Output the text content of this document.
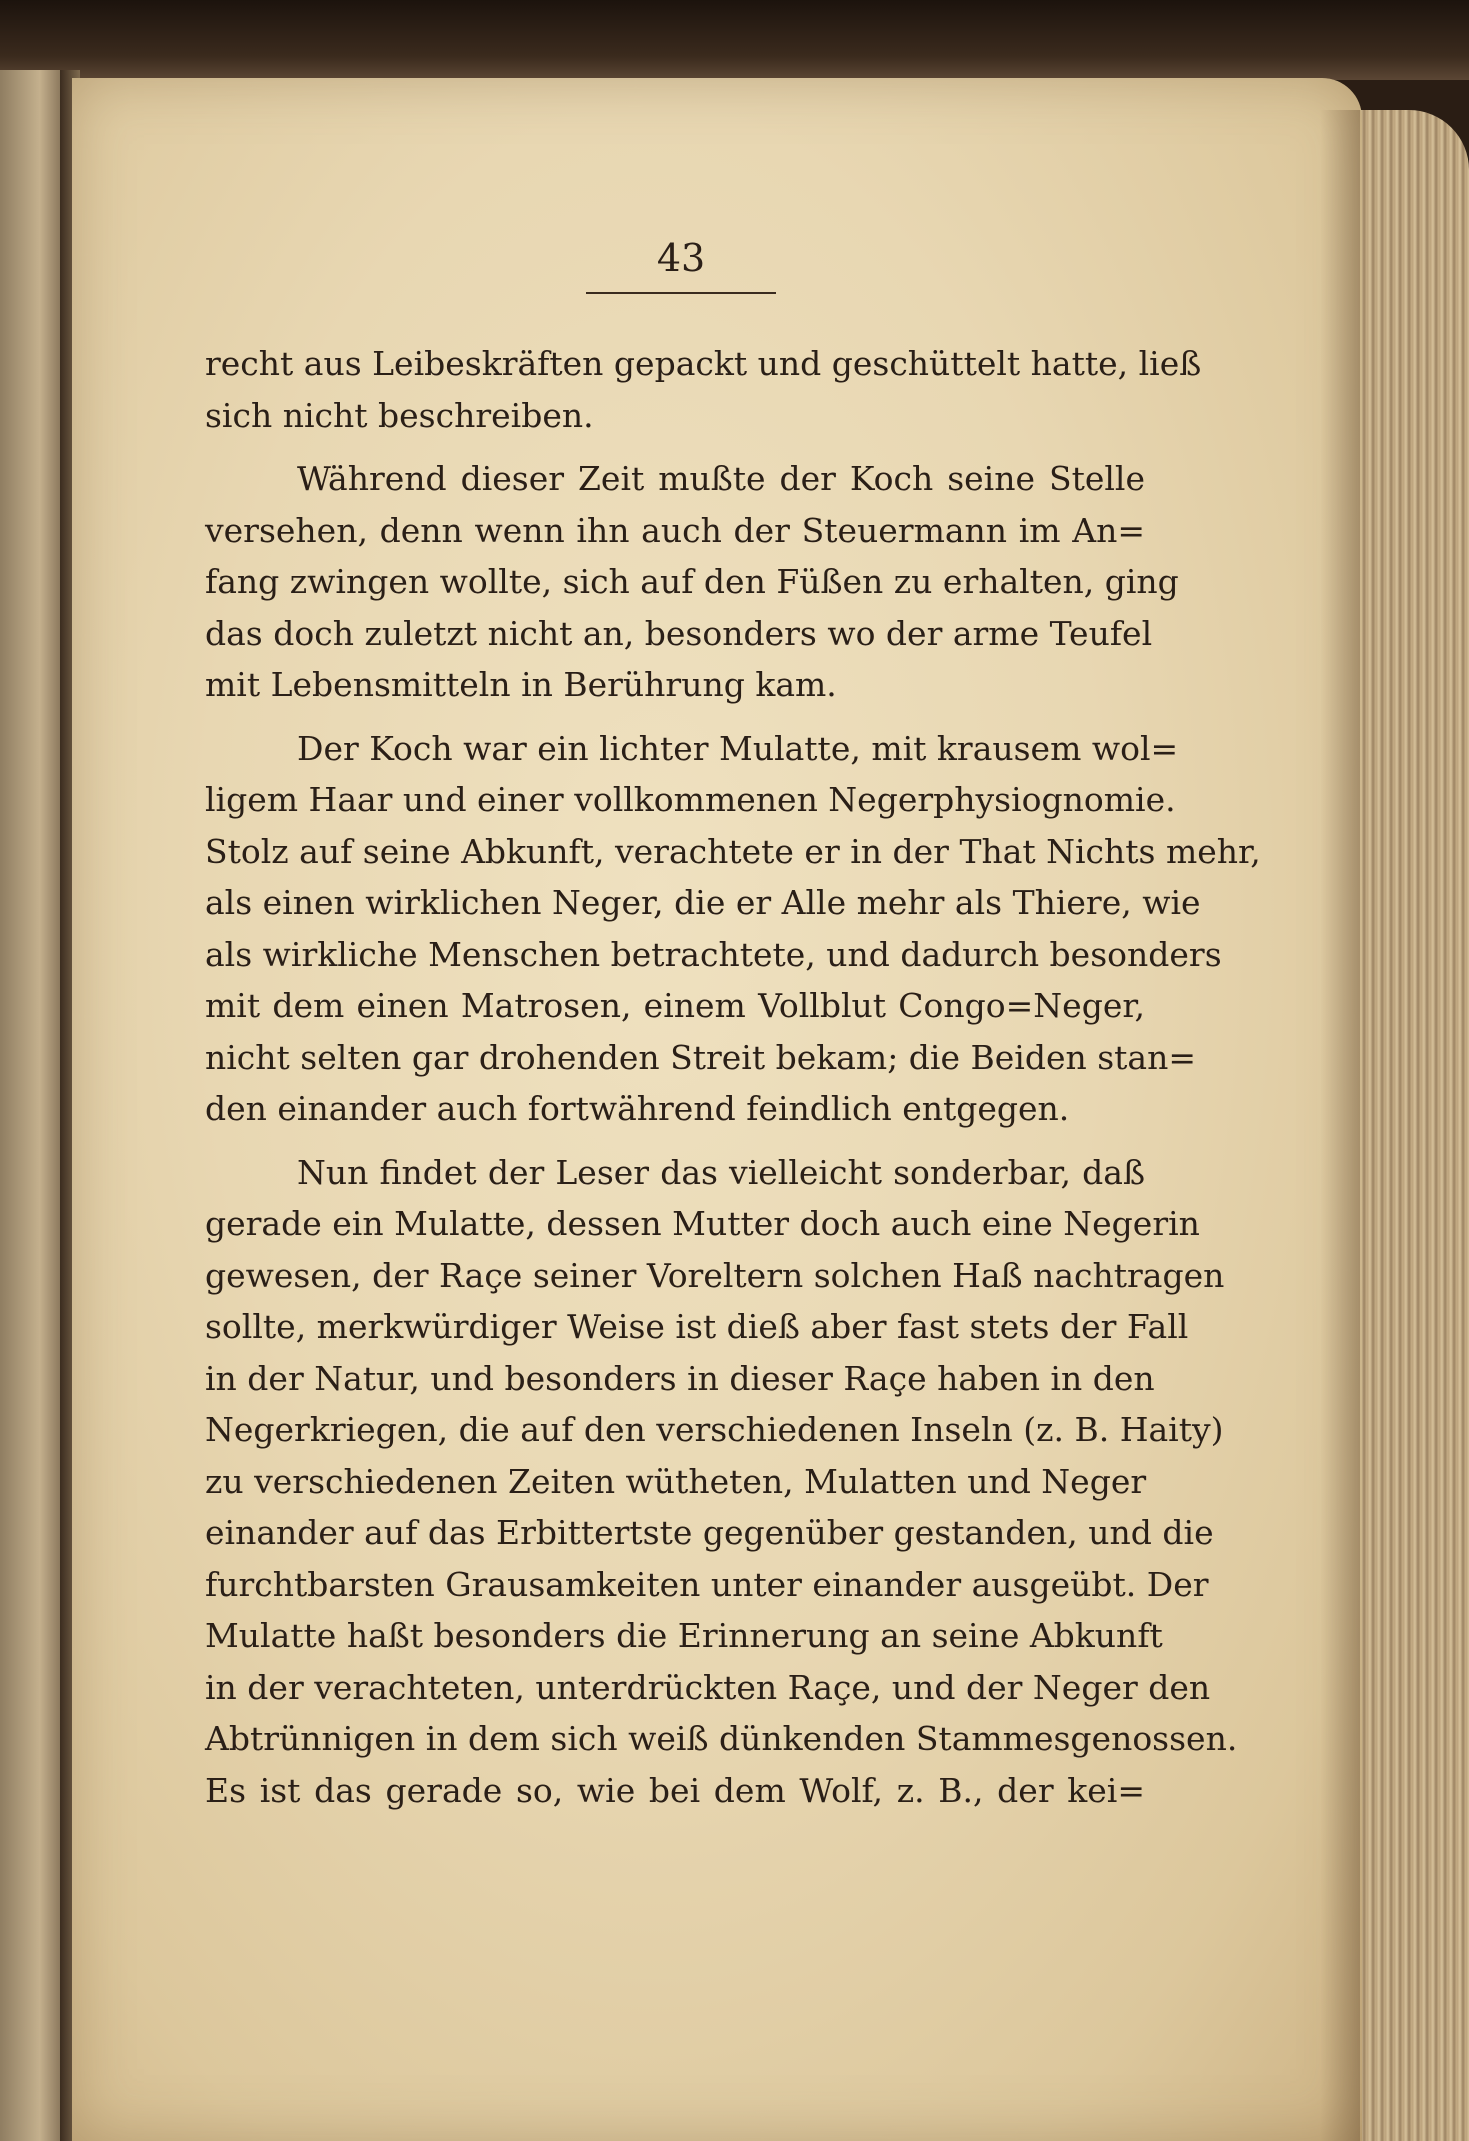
43
recht aus Leibeskräften gepackt und geschüttelt hatte, ließ
sich nicht beschreiben.
Während dieser Zeit mußte der Koch seine Stelle
versehen, denn wenn ihn auch der Steuermann im An=
fang zwingen wollte, sich auf den Füßen zu erhalten, ging
das doch zuletzt nicht an, besonders wo der arme Teufel
mit Lebensmitteln in Berührung kam.
Der Koch war ein lichter Mulatte, mit krausem wol=
ligem Haar und einer vollkommenen Negerphysiognomie.
Stolz auf seine Abkunft, verachtete er in der That Nichts mehr,
als einen wirklichen Neger, die er Alle mehr als Thiere, wie
als wirkliche Menschen betrachtete, und dadurch besonders
mit dem einen Matrosen, einem Vollblut Congo=Neger,
nicht selten gar drohenden Streit bekam; die Beiden stan=
den einander auch fortwährend feindlich entgegen.
Nun findet der Leser das vielleicht sonderbar, daß
gerade ein Mulatte, dessen Mutter doch auch eine Negerin
gewesen, der Raçe seiner Voreltern solchen Haß nachtragen
sollte, merkwürdiger Weise ist dieß aber fast stets der Fall
in der Natur, und besonders in dieser Raçe haben in den
Negerkriegen, die auf den verschiedenen Inseln (z. B. Haity)
zu verschiedenen Zeiten wütheten, Mulatten und Neger
einander auf das Erbittertste gegenüber gestanden, und die
furchtbarsten Grausamkeiten unter einander ausgeübt. Der
Mulatte haßt besonders die Erinnerung an seine Abkunft
in der verachteten, unterdrückten Raçe, und der Neger den
Abtrünnigen in dem sich weiß dünkenden Stammesgenossen.
Es ist das gerade so, wie bei dem Wolf, z. B., der kei=
